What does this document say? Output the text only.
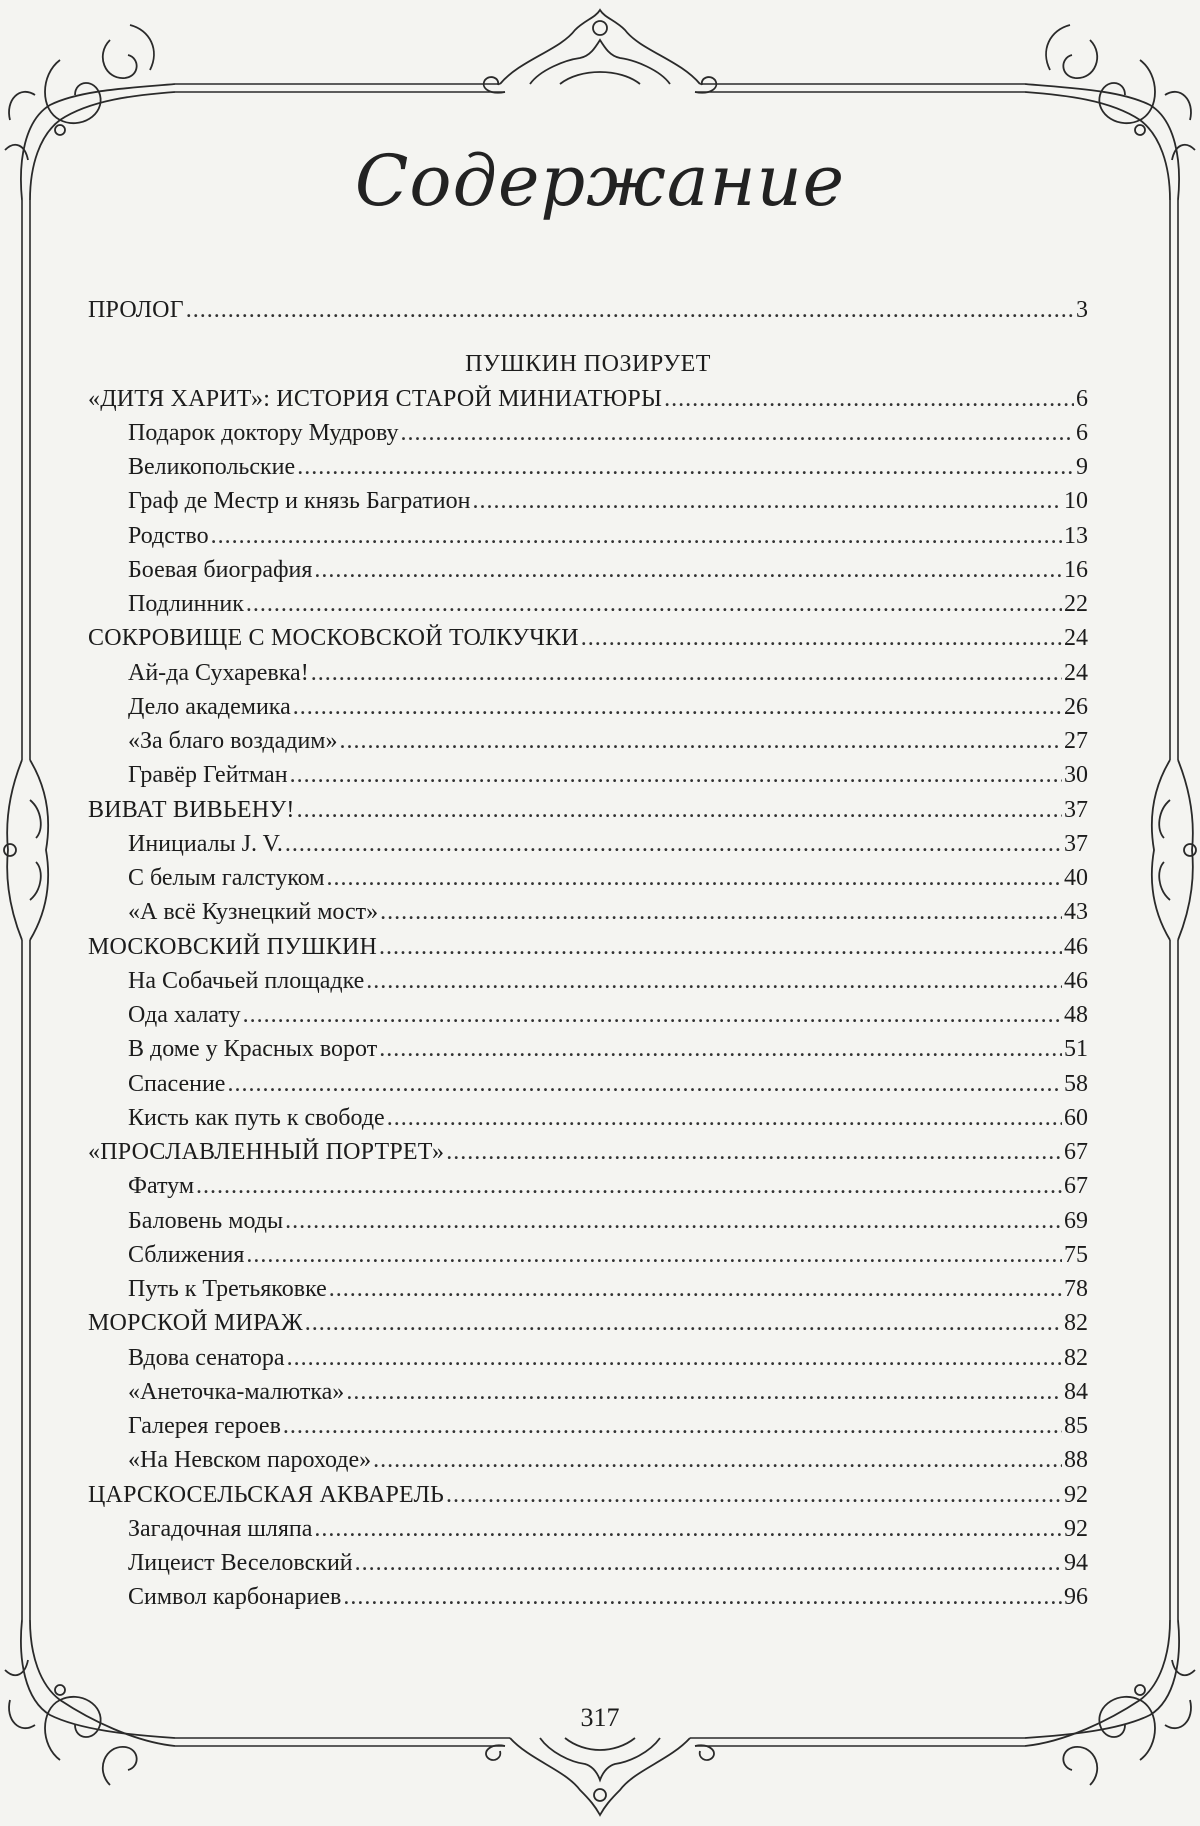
Содержание
ПРОЛОГ .....	3
ПУШКИН ПОЗИРУЕТ
«ДИТЯ ХАРИТ»: ИСТОРИЯ СТАРОЙ МИНИАТЮРЫ .....	6
Подарок доктору Мудрову .....	6
Великопольские .....	9
Граф де Местр и князь Багратион .....	10
Родство .....	13
Боевая биография .....	16
Подлинник .....	22
СОКРОВИЩЕ С МОСКОВСКОЙ ТОЛКУЧКИ .....	24
Ай-да Сухаревка! .....	24
Дело академика .....	26
«За благо воздадим» .....	27
Гравёр Гейтман .....	30
ВИВАТ ВИВЬЕНУ! .....	37
Инициалы J. V. .....	37
С белым галстуком .....	40
«А всё Кузнецкий мост» .....	43
МОСКОВСКИЙ ПУШКИН .....	46
На Собачьей площадке .....	46
Ода халату .....	48
В доме у Красных ворот .....	51
Спасение .....	58
Кисть как путь к свободе .....	60
«ПРОСЛАВЛЕННЫЙ ПОРТРЕТ» .....	67
Фатум .....	67
Баловень моды .....	69
Сближения .....	75
Путь к Третьяковке .....	78
МОРСКОЙ МИРАЖ .....	82
Вдова сенатора .....	82
«Анеточка-малютка» .....	84
Галерея героев .....	85
«На Невском пароходе» .....	88
ЦАРСКОСЕЛЬСКАЯ АКВАРЕЛЬ .....	92
Загадочная шляпа .....	92
Лицеист Веселовский .....	94
Символ карбонариев .....	96
317
